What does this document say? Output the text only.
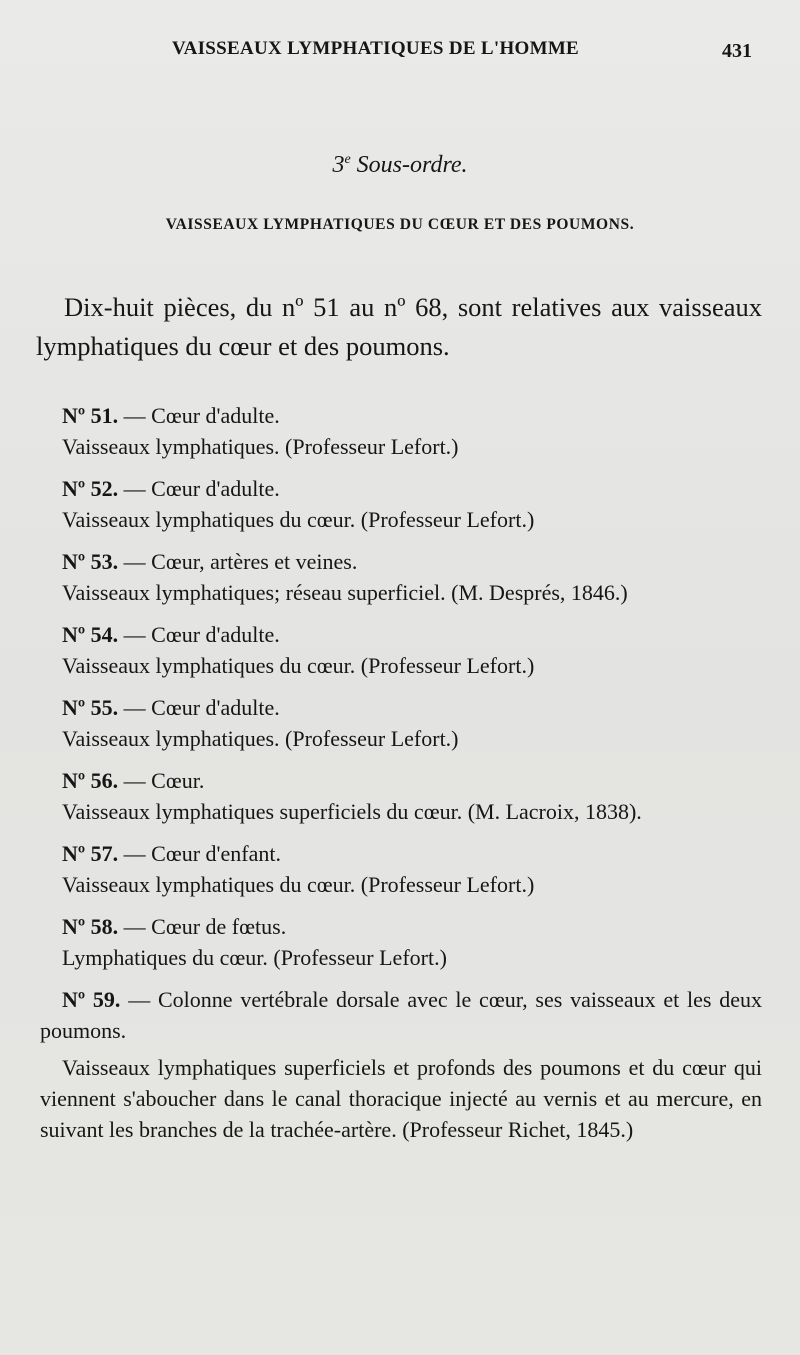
VAISSEAUX LYMPHATIQUES DE L'HOMME	431
3e Sous-ordre.
VAISSEAUX LYMPHATIQUES DU CŒUR ET DES POUMONS.

Dix-huit pièces, du nº 51 au nº 68, sont relatives aux vaisseaux lymphatiques du cœur et des poumons.

Nº 51. — Cœur d'adulte.
Vaisseaux lymphatiques. (Professeur Lefort.)
Nº 52. — Cœur d'adulte.
Vaisseaux lymphatiques du cœur. (Professeur Lefort.)
Nº 53. — Cœur, artères et veines.
Vaisseaux lymphatiques; réseau superficiel. (M. Després, 1846.)
Nº 54. — Cœur d'adulte.
Vaisseaux lymphatiques du cœur. (Professeur Lefort.)
Nº 55. — Cœur d'adulte.
Vaisseaux lymphatiques. (Professeur Lefort.)
Nº 56. — Cœur.
Vaisseaux lymphatiques superficiels du cœur. (M. Lacroix, 1838).
Nº 57. — Cœur d'enfant.
Vaisseaux lymphatiques du cœur. (Professeur Lefort.)
Nº 58. — Cœur de fœtus.
Lymphatiques du cœur. (Professeur Lefort.)
Nº 59. — Colonne vertébrale dorsale avec le cœur, ses vaisseaux et les deux poumons.
Vaisseaux lymphatiques superficiels et profonds des poumons et du cœur qui viennent s'aboucher dans le canal thoracique injecté au vernis et au mercure, en suivant les branches de la trachée-artère. (Professeur Richet, 1845.)
